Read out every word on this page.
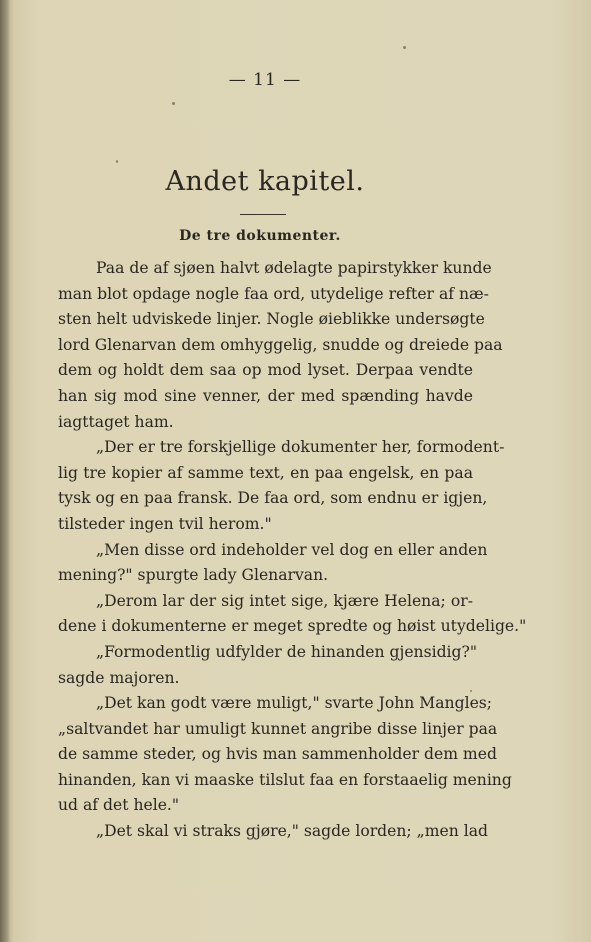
— 11 —
Andet kapitel.
De tre dokumenter.
Paa de af sjøen halvt ødelagte papirstykker kunde
man blot opdage nogle faa ord, utydelige refter af næ-
sten helt udviskede linjer. Nogle øieblikke undersøgte
lord Glenarvan dem omhyggelig, snudde og dreiede paa
dem og holdt dem saa op mod lyset. Derpaa vendte
han sig mod sine venner, der med spænding havde
iagttaget ham.
„Der er tre forskjellige dokumenter her, formodent-
lig tre kopier af samme text, en paa engelsk, en paa
tysk og en paa fransk. De faa ord, som endnu er igjen,
tilsteder ingen tvil herom."
„Men disse ord indeholder vel dog en eller anden
mening?" spurgte lady Glenarvan.
„Derom lar der sig intet sige, kjære Helena; or-
dene i dokumenterne er meget spredte og høist utydelige."
„Formodentlig udfylder de hinanden gjensidig?"
sagde majoren.
„Det kan godt være muligt," svarte John Mangles;
„saltvandet har umuligt kunnet angribe disse linjer paa
de samme steder, og hvis man sammenholder dem med
hinanden, kan vi maaske tilslut faa en forstaaelig mening
ud af det hele."
„Det skal vi straks gjøre," sagde lorden; „men lad
